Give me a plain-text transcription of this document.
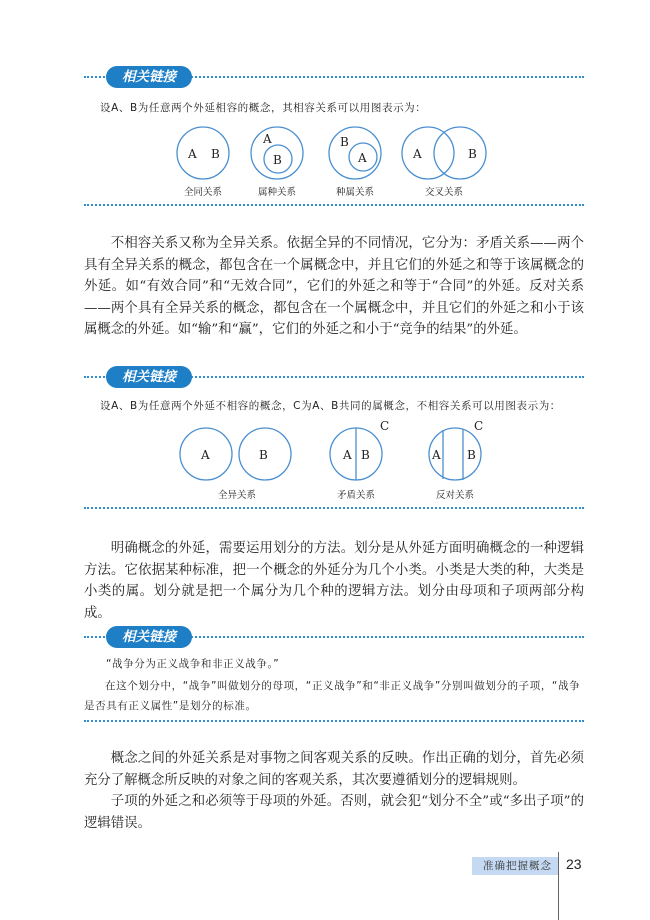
相关链接
设A、B为任意两个外延相容的概念，其相容关系可以用图表示为：
A B
A
B
B
A	A	B
全同关系	属种关系	种属关系	交叉关系

不相容关系又称为全异关系。依据全异的不同情况，它分为：矛盾关系——两个具有全异关系的概念，都包含在一个属概念中，并且它们的外延之和等于该属概念的外延。如“有效合同”和“无效合同”，它们的外延之和等于“合同”的外延。反对关系——两个具有全异关系的概念，都包含在一个属概念中，并且它们的外延之和小于该属概念的外延。如“输”和“赢”，它们的外延之和小于“竞争的结果”的外延。

相关链接
设A、B为任意两个外延不相容的概念，C为A、B共同的属概念，不相容关系可以用图表示为：
A	B	A B
C
A B
C
全异关系	矛盾关系	反对关系

明确概念的外延，需要运用划分的方法。划分是从外延方面明确概念的一种逻辑方法。它依据某种标准，把一个概念的外延分为几个小类。小类是大类的种，大类是小类的属。划分就是把一个属分为几个种的逻辑方法。划分由母项和子项两部分构成。

相关链接
“战争分为正义战争和非正义战争。”
在这个划分中，“战争”叫做划分的母项，“正义战争”和“非正义战争”分别叫做划分的子项，“战争是否具有正义属性”是划分的标准。

概念之间的外延关系是对事物之间客观关系的反映。作出正确的划分，首先必须充分了解概念所反映的对象之间的客观关系，其次要遵循划分的逻辑规则。

子项的外延之和必须等于母项的外延。否则，就会犯“划分不全”或“多出子项”的逻辑错误。

准确把握概念	23
